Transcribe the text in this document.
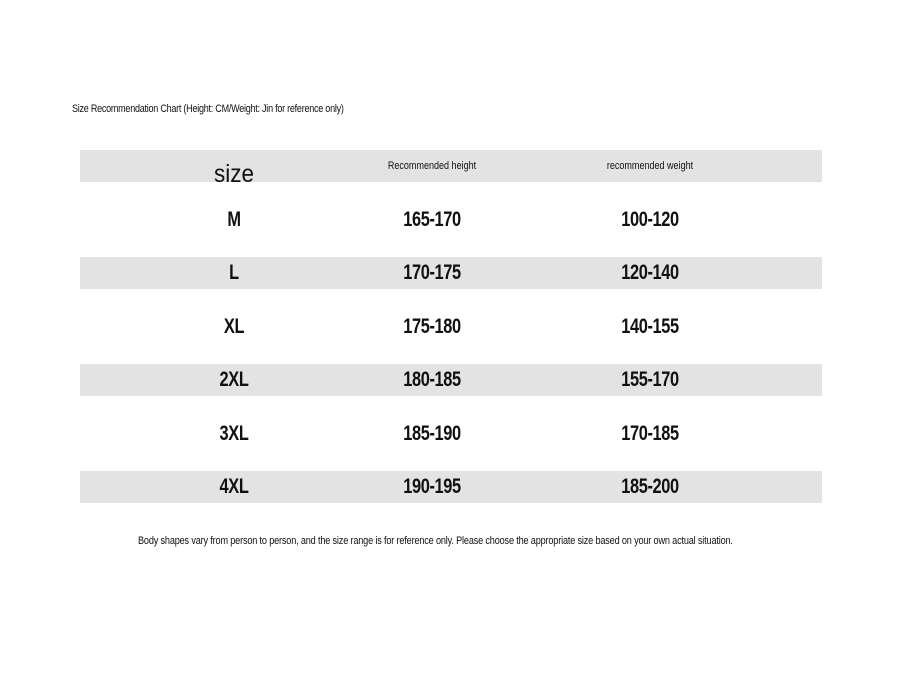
Size Recommendation Chart (Height: CM/Weight: Jin for reference only)
size	Recommended height	recommended weight
M	165-170	100-120
L	170-175	120-140
XL	175-180	140-155
2XL	180-185	155-170
3XL	185-190	170-185
4XL	190-195	185-200
Body shapes vary from person to person, and the size range is for reference only. Please choose the appropriate size based on your own actual situation.
